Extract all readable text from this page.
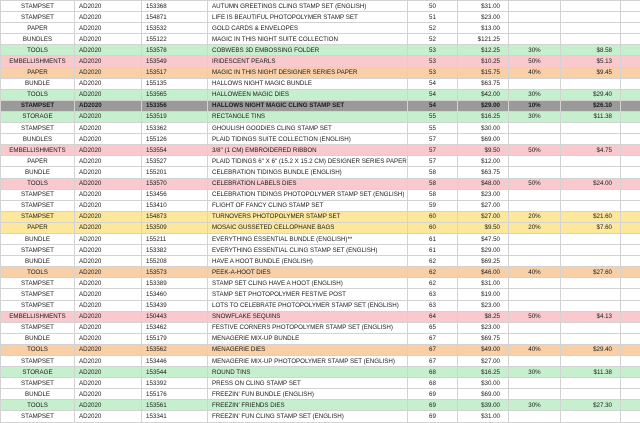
STAMPSET	AD2020	153368	AUTUMN GREETINGS CLING STAMP SET (ENGLISH)	50	$31.00			
STAMPSET	AD2020	154871	LIFE IS BEAUTIFUL PHOTOPOLYMER STAMP SET	51	$23.00			
PAPER	AD2020	153532	GOLD CARDS & ENVELOPES	52	$13.00			
BUNDLES	AD2020	155122	MAGIC IN THIS NIGHT SUITE COLLECTION	52	$121.25			
TOOLS	AD2020	153578	COBWEBS 3D EMBOSSING FOLDER	53	$12.25	30%	$8.58	
EMBELLISHMENTS	AD2020	153549	IRIDESCENT PEARLS	53	$10.25	50%	$5.13	
PAPER	AD2020	153517	MAGIC IN THIS NIGHT DESIGNER SERIES PAPER	53	$15.75	40%	$9.45	
BUNDLE	AD2020	155135	HALLOWS NIGHT MAGIC BUNDLE	54	$63.75			
TOOLS	AD2020	153565	HALLOWEEN MAGIC DIES	54	$42.00	30%	$29.40	
STAMPSET	AD2020	153356	HALLOWS NIGHT MAGIC CLING STAMP SET	54	$29.00	10%	$26.10	
STORAGE	AD2020	153519	RECTANGLE TINS	55	$16.25	30%	$11.38	
STAMPSET	AD2020	153362	GHOULISH GOODIES CLING STAMP SET	55	$30.00			
BUNDLES	AD2020	155126	PLAID TIDINGS SUITE COLLECTION (ENGLISH)	57	$69.00			
EMBELLISHMENTS	AD2020	153554	3/8" (1 CM) EMBROIDERED RIBBON	57	$9.50	50%	$4.75	
PAPER	AD2020	153527	PLAID TIDINGS 6" X 6" (15.2 X 15.2 CM) DESIGNER SERIES PAPER	57	$12.00			
BUNDLE	AD2020	155201	CELEBRATION TIDINGS BUNDLE (ENGLISH)	58	$63.75			
TOOLS	AD2020	153570	CELEBRATION LABELS DIES	58	$48.00	50%	$24.00	
STAMPSET	AD2020	153456	CELEBRATION TIDINGS PHOTOPOLYMER STAMP SET (ENGLISH)	58	$23.00			
STAMPSET	AD2020	153410	FLIGHT OF FANCY CLING STAMP SET	59	$27.00			
STAMPSET	AD2020	154873	TURNOVERS PHOTOPOLYMER STAMP SET	60	$27.00	20%	$21.60	
PAPER	AD2020	153509	MOSAIC GUSSETED CELLOPHANE BAGS	60	$9.50	20%	$7.60	
BUNDLE	AD2020	155211	EVERYTHING ESSENTIAL BUNDLE (ENGLISH)**	61	$47.50			
STAMPSET	AD2020	153382	EVERYTHING ESSENTIAL CLING STAMP SET (ENGLISH)	61	$29.00			
BUNDLE	AD2020	155208	HAVE A HOOT BUNDLE (ENGLISH)	62	$69.25			
TOOLS	AD2020	153573	PEEK-A-HOOT DIES	62	$46.00	40%	$27.60	
STAMPSET	AD2020	153389	STAMP SET CLING HAVE A HOOT (ENGLISH)	62	$31.00			
STAMPSET	AD2020	153460	STAMP SET PHOTOPOLYMER FESTIVE POST	63	$19.00			
STAMPSET	AD2020	153439	LOTS TO CELEBRATE PHOTOPOLYMER STAMP SET (ENGLISH)	63	$23.00			
EMBELLISHMENTS	AD2020	150443	SNOWFLAKE SEQUINS	64	$8.25	50%	$4.13	
STAMPSET	AD2020	153462	FESTIVE CORNERS PHOTOPOLYMER STAMP SET (ENGLISH)	65	$23.00			
BUNDLE	AD2020	155179	MENAGERIE MIX-UP BUNDLE	67	$69.75			
TOOLS	AD2020	153562	MENAGERIE DIES	67	$49.00	40%	$29.40	
STAMPSET	AD2020	153446	MENAGERIE MIX-UP PHOTOPOLYMER STAMP SET (ENGLISH)	67	$27.00			
STORAGE	AD2020	153544	ROUND TINS	68	$16.25	30%	$11.38	
STAMPSET	AD2020	153392	PRESS ON CLING STAMP SET	68	$30.00			
BUNDLE	AD2020	155176	FREEZIN' FUN BUNDLE (ENGLISH)	69	$69.00			
TOOLS	AD2020	153561	FREEZIN' FRIENDS DIES	69	$39.00	30%	$27.30	
STAMPSET	AD2020	153341	FREEZIN' FUN CLING STAMP SET (ENGLISH)	69	$31.00			
